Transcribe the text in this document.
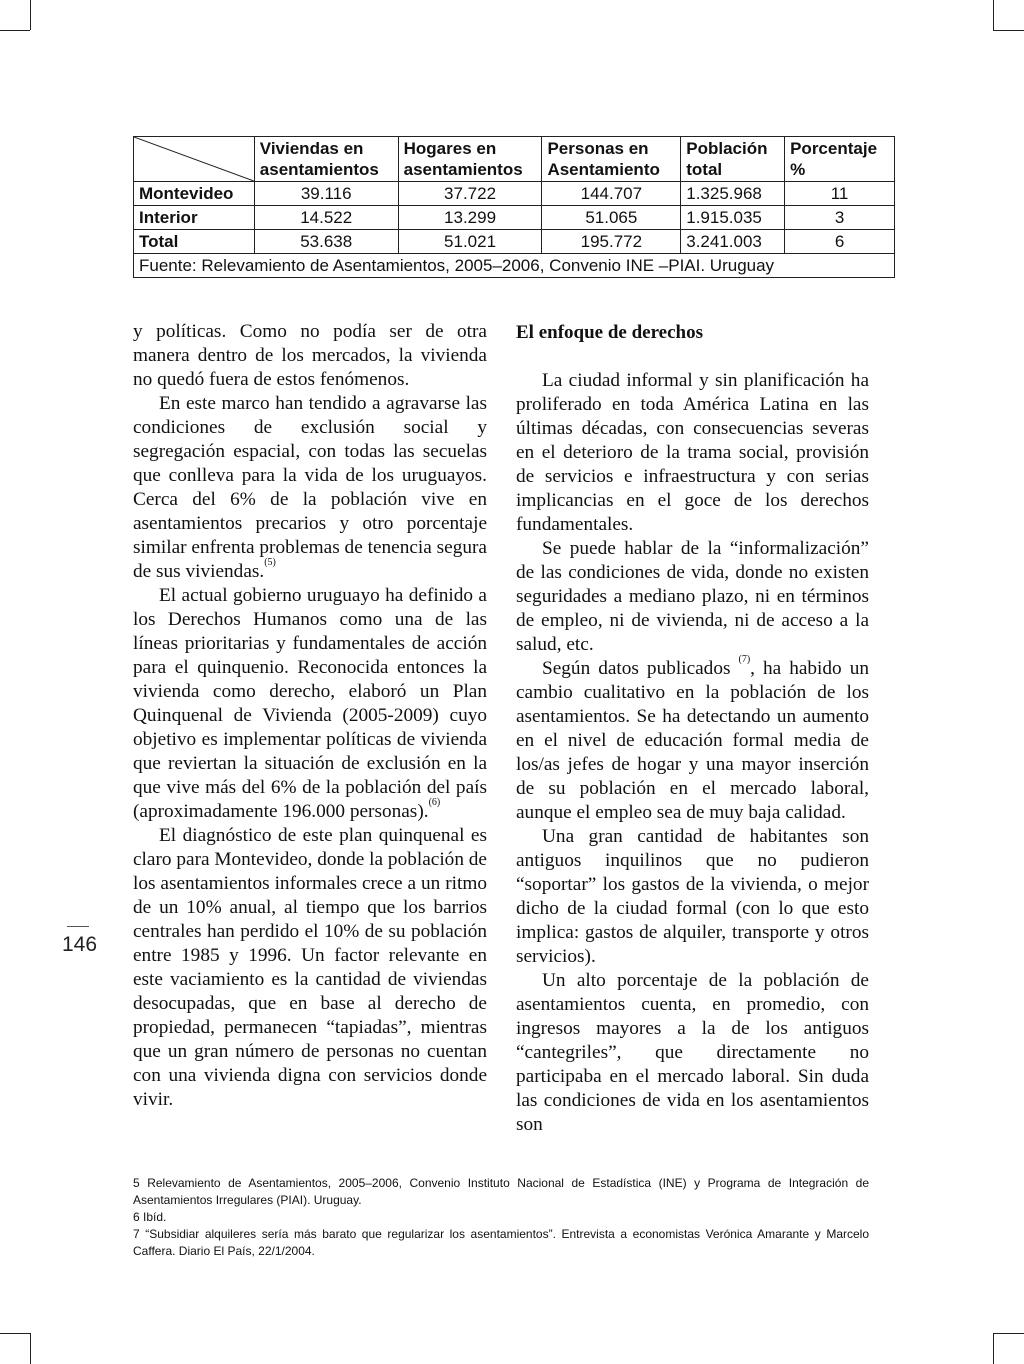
	Viviendas en asentamientos	Hogares en asentamientos	Personas en Asentamiento	Población total	Porcentaje %
Montevideo	39.116	37.722	144.707	1.325.968	11
Interior	14.522	13.299	51.065	1.915.035	3
Total	53.638	51.021	195.772	3.241.003	6
Fuente: Relevamiento de Asentamientos, 2005–2006, Convenio INE –PIAI. Uruguay					

y políticas. Como no podía ser de otra manera dentro de los mercados, la vivienda no quedó fuera de estos fenómenos.

En este marco han tendido a agravarse las condiciones de exclusión social y segregación espacial, con todas las secuelas que conlleva para la vida de los uruguayos. Cerca del 6% de la población vive en asentamientos precarios y otro porcentaje similar enfrenta problemas de tenencia segura de sus viviendas.$^{(5)}$

El actual gobierno uruguayo ha definido a los Derechos Humanos como una de las líneas prioritarias y fundamentales de acción para el quinquenio. Reconocida entonces la vivienda como derecho, elaboró un Plan Quinquenal de Vivienda (2005-2009) cuyo objetivo es implementar políticas de vivienda que reviertan la situación de exclusión en la que vive más del 6% de la población del país (aproximadamente 196.000 personas).$^{(6)}$

El diagnóstico de este plan quinquenal es claro para Montevideo, donde la población de los asentamientos informales crece a un ritmo de un 10% anual, al tiempo que los barrios centrales han perdido el 10% de su población entre 1985 y 1996. Un factor relevante en este vaciamiento es la cantidad de viviendas desocupadas, que en base al derecho de propiedad, permanecen “tapiadas”, mientras que un gran número de personas no cuentan con una vivienda digna con servicios donde vivir.

El enfoque de derechos

La ciudad informal y sin planificación ha proliferado en toda América Latina en las últimas décadas, con consecuencias severas en el deterioro de la trama social, provisión de servicios e infraestructura y con serias implicancias en el goce de los derechos fundamentales.

Se puede hablar de la “informalización” de las condiciones de vida, donde no existen seguridades a mediano plazo, ni en términos de empleo, ni de vivienda, ni de acceso a la salud, etc.

Según datos publicados $^{(7)}$, ha habido un cambio cualitativo en la población de los asentamientos. Se ha detectando un aumento en el nivel de educación formal media de los/as jefes de hogar y una mayor inserción de su población en el mercado laboral, aunque el empleo sea de muy baja calidad.

Una gran cantidad de habitantes son antiguos inquilinos que no pudieron “soportar” los gastos de la vivienda, o mejor dicho de la ciudad formal (con lo que esto implica: gastos de alquiler, transporte y otros servicios).

Un alto porcentaje de la población de asentamientos cuenta, en promedio, con ingresos mayores a la de los antiguos “cantegriles”, que directamente no participaba en el mercado laboral. Sin duda las condiciones de vida en los asentamientos son

146

5 Relevamiento de Asentamientos, 2005–2006, Convenio Instituto Nacional de Estadística (INE) y Programa de Integración de Asentamientos Irregulares (PIAI). Uruguay.

6 Ibíd.

7 “Subsidiar alquileres sería más barato que regularizar los asentamientos”. Entrevista a economistas Verónica Amarante y Marcelo Caffera. Diario El País, 22/1/2004.
